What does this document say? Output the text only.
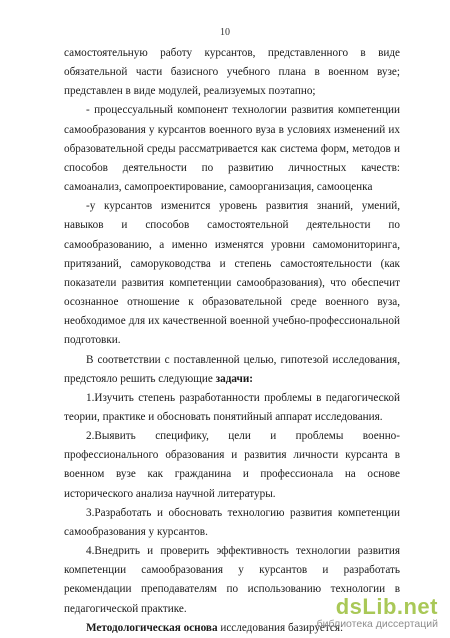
10

самостоятельную работу курсантов, представленного в виде обязательной части базисного учебного плана в военном вузе; представлен в виде модулей, реализуемых поэтапно;

- процессуальный компонент технологии развития компетенции самообразования у курсантов военного вуза в условиях изменений их образовательной среды рассматривается как система форм, методов и способов деятельности по развитию личностных качеств: самоанализ, самопроектирование, самоорганизация, самооценка

-у курсантов изменится уровень развития знаний, умений, навыков и способов самостоятельной деятельности по самообразованию, а именно изменятся уровни самомониторинга, притязаний, саморуководства и степень самостоятельности (как показатели развития компетенции самообразования), что обеспечит осознанное отношение к образовательной среде военного вуза, необходимое для их качественной военной учебно-профессиональной подготовки.

В соответствии с поставленной целью, гипотезой исследования, предстояло решить следующие задачи:

1.Изучить степень разработанности проблемы в педагогической теории, практике и обосновать понятийный аппарат исследования.

2.Выявить специфику, цели и проблемы военно-профессионального образования и развития личности курсанта в военном вузе как гражданина и профессионала на основе исторического анализа научной литературы.

3.Разработать и обосновать технологию развития компетенции самообразования у курсантов.

4.Внедрить и проверить эффективность технологии развития компетенции самообразования у курсантов и разработать рекомендации преподавателям по использованию технологии в педагогической практике.

Методологическая основа исследования базируется:

dsLib.net
библиотека диссертаций
